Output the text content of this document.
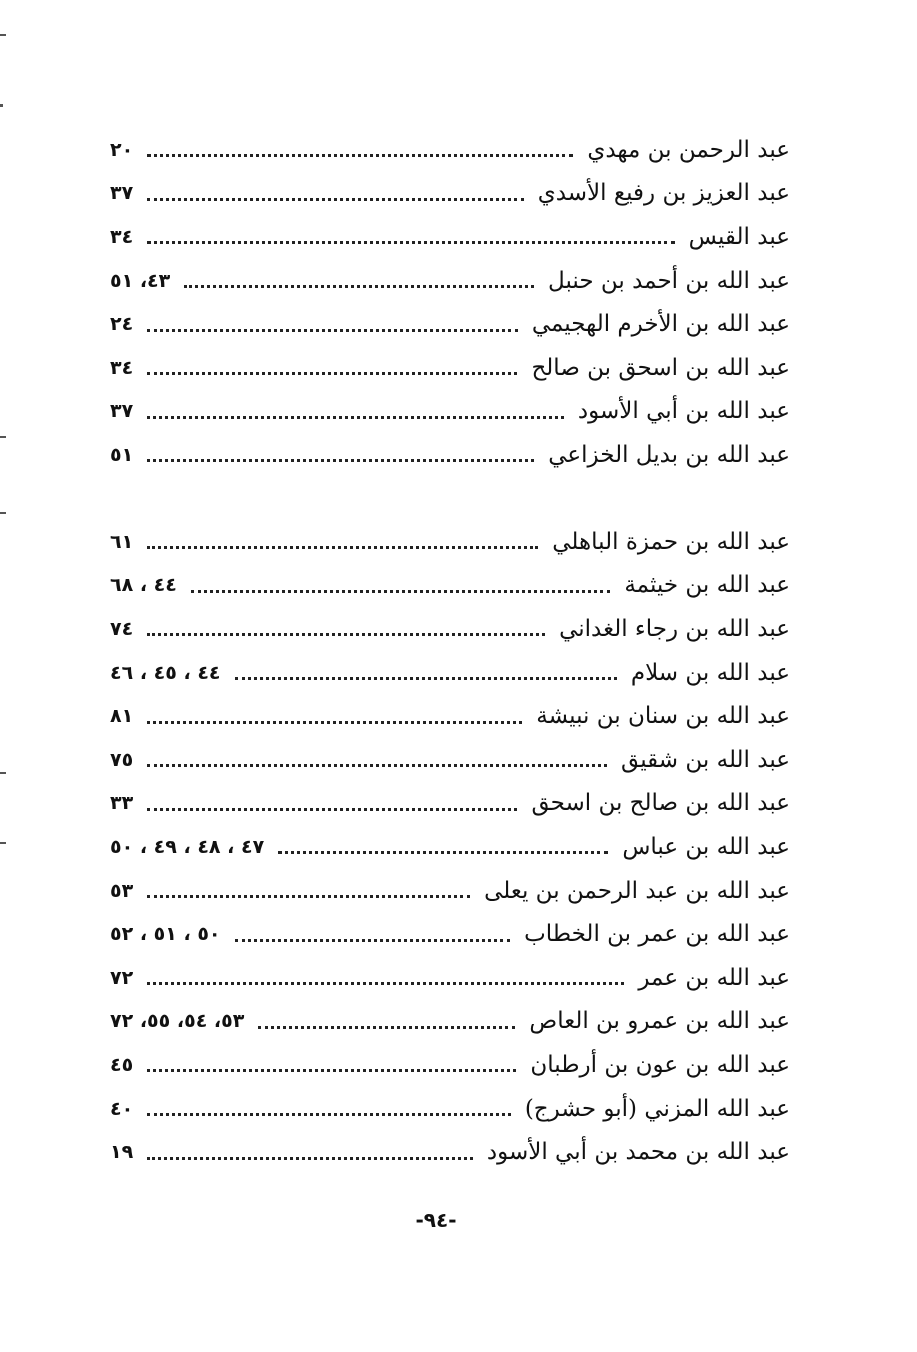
عبد الرحمن بن مهدي
٢٠
عبد العزيز بن رفيع الأسدي
٣٧
عبد القيس
٣٤
عبد الله بن أحمد بن حنبل
٤٣، ٥١
عبد الله بن الأخرم الهجيمي
٢٤
عبد الله بن اسحق بن صالح
٣٤
عبد الله بن أبي الأسود
٣٧
عبد الله بن بديل الخزاعي
٥١
عبد الله بن حمزة الباهلي
٦١
عبد الله بن خيثمة
٤٤ ، ٦٨
عبد الله بن رجاء الغداني
٧٤
عبد الله بن سلام
٤٤ ، ٤٥ ، ٤٦
عبد الله بن سنان بن نبيشة
٨١
عبد الله بن شقيق
٧٥
عبد الله بن صالح بن اسحق
٣٣
عبد الله بن عباس
٤٧ ، ٤٨ ، ٤٩ ، ٥٠
عبد الله بن عبد الرحمن بن يعلى
٥٣
عبد الله بن عمر بن الخطاب
٥٠ ، ٥١ ، ٥٢
عبد الله بن عمر
٧٢
عبد الله بن عمرو بن العاص
٥٣، ٥٤، ٥٥، ٧٢
عبد الله بن عون بن أرطبان
٤٥
عبد الله المزني (أبو حشرج)
٤٠
عبد الله بن محمد بن أبي الأسود
١٩
-٩٤-
